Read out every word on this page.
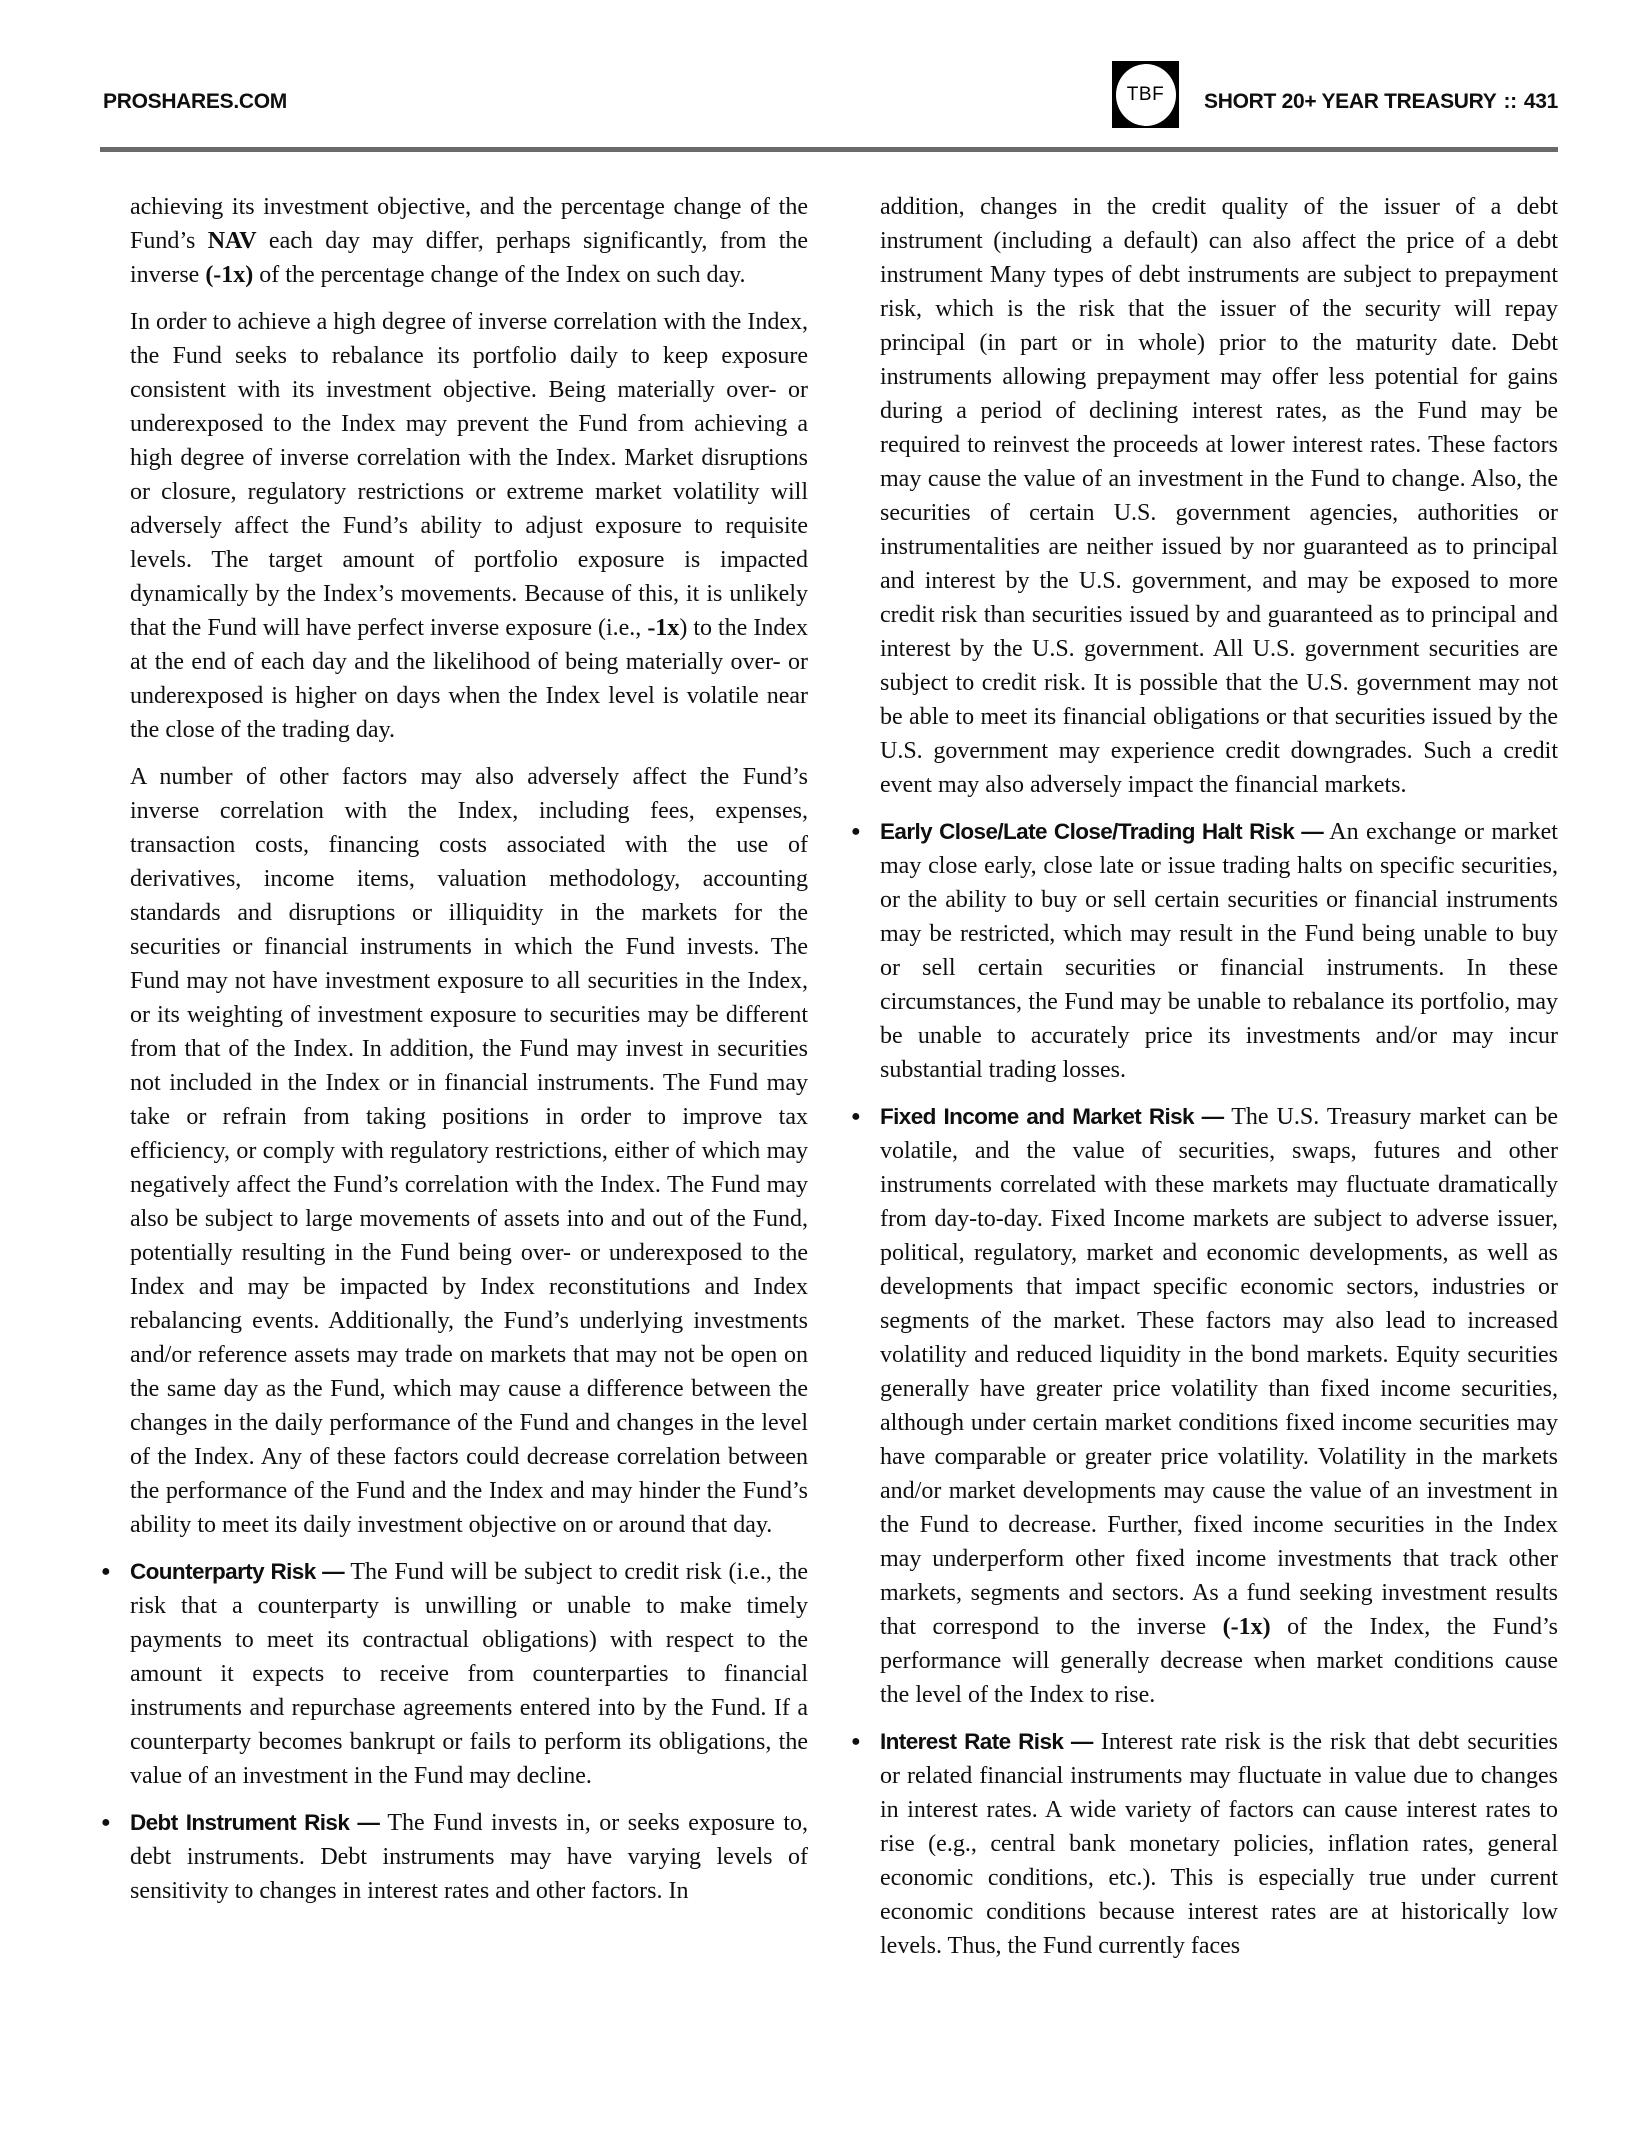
PROSHARES.COM	TBF SHORT 20+ YEAR TREASURY :: 431
achieving its investment objective, and the percentage change of the Fund’s NAV each day may differ, perhaps significantly, from the inverse (-1x) of the percentage change of the Index on such day.
In order to achieve a high degree of inverse correlation with the Index, the Fund seeks to rebalance its portfolio daily to keep exposure consistent with its investment objective. Being materially over- or underexposed to the Index may prevent the Fund from achieving a high degree of inverse correlation with the Index. Market disruptions or closure, regulatory restrictions or extreme market volatility will adversely affect the Fund’s ability to adjust exposure to requisite levels. The target amount of portfolio exposure is impacted dynamically by the Index’s movements. Because of this, it is unlikely that the Fund will have perfect inverse exposure (i.e., -1x) to the Index at the end of each day and the likelihood of being materially over- or underexposed is higher on days when the Index level is volatile near the close of the trading day.
A number of other factors may also adversely affect the Fund’s inverse correlation with the Index, including fees, expenses, transaction costs, financing costs associated with the use of derivatives, income items, valuation methodology, accounting standards and disruptions or illiquidity in the markets for the securities or financial instruments in which the Fund invests. The Fund may not have investment exposure to all securities in the Index, or its weighting of investment exposure to securities may be different from that of the Index. In addition, the Fund may invest in securities not included in the Index or in financial instruments. The Fund may take or refrain from taking positions in order to improve tax efficiency, or comply with regulatory restrictions, either of which may negatively affect the Fund’s correlation with the Index. The Fund may also be subject to large movements of assets into and out of the Fund, potentially resulting in the Fund being over- or underexposed to the Index and may be impacted by Index reconstitutions and Index rebalancing events. Additionally, the Fund’s underlying investments and/or reference assets may trade on markets that may not be open on the same day as the Fund, which may cause a difference between the changes in the daily performance of the Fund and changes in the level of the Index. Any of these factors could decrease correlation between the performance of the Fund and the Index and may hinder the Fund’s ability to meet its daily investment objective on or around that day.
● Counterparty Risk — The Fund will be subject to credit risk (i.e., the risk that a counterparty is unwilling or unable to make timely payments to meet its contractual obligations) with respect to the amount it expects to receive from counterparties to financial instruments and repurchase agreements entered into by the Fund. If a counterparty becomes bankrupt or fails to perform its obligations, the value of an investment in the Fund may decline.
● Debt Instrument Risk — The Fund invests in, or seeks exposure to, debt instruments. Debt instruments may have varying levels of sensitivity to changes in interest rates and other factors. In
addition, changes in the credit quality of the issuer of a debt instrument (including a default) can also affect the price of a debt instrument Many types of debt instruments are subject to prepayment risk, which is the risk that the issuer of the security will repay principal (in part or in whole) prior to the maturity date. Debt instruments allowing prepayment may offer less potential for gains during a period of declining interest rates, as the Fund may be required to reinvest the proceeds at lower interest rates. These factors may cause the value of an investment in the Fund to change. Also, the securities of certain U.S. government agencies, authorities or instrumentalities are neither issued by nor guaranteed as to principal and interest by the U.S. government, and may be exposed to more credit risk than securities issued by and guaranteed as to principal and interest by the U.S. government. All U.S. government securities are subject to credit risk. It is possible that the U.S. government may not be able to meet its financial obligations or that securities issued by the U.S. government may experience credit downgrades. Such a credit event may also adversely impact the financial markets.
● Early Close/Late Close/Trading Halt Risk — An exchange or market may close early, close late or issue trading halts on specific securities, or the ability to buy or sell certain securities or financial instruments may be restricted, which may result in the Fund being unable to buy or sell certain securities or financial instruments. In these circumstances, the Fund may be unable to rebalance its portfolio, may be unable to accurately price its investments and/or may incur substantial trading losses.
● Fixed Income and Market Risk — The U.S. Treasury market can be volatile, and the value of securities, swaps, futures and other instruments correlated with these markets may fluctuate dramatically from day-to-day. Fixed Income markets are subject to adverse issuer, political, regulatory, market and economic developments, as well as developments that impact specific economic sectors, industries or segments of the market. These factors may also lead to increased volatility and reduced liquidity in the bond markets. Equity securities generally have greater price volatility than fixed income securities, although under certain market conditions fixed income securities may have comparable or greater price volatility. Volatility in the markets and/or market developments may cause the value of an investment in the Fund to decrease. Further, fixed income securities in the Index may underperform other fixed income investments that track other markets, segments and sectors. As a fund seeking investment results that correspond to the inverse (-1x) of the Index, the Fund’s performance will generally decrease when market conditions cause the level of the Index to rise.
● Interest Rate Risk — Interest rate risk is the risk that debt securities or related financial instruments may fluctuate in value due to changes in interest rates. A wide variety of factors can cause interest rates to rise (e.g., central bank monetary policies, inflation rates, general economic conditions, etc.). This is especially true under current economic conditions because interest rates are at historically low levels. Thus, the Fund currently faces
